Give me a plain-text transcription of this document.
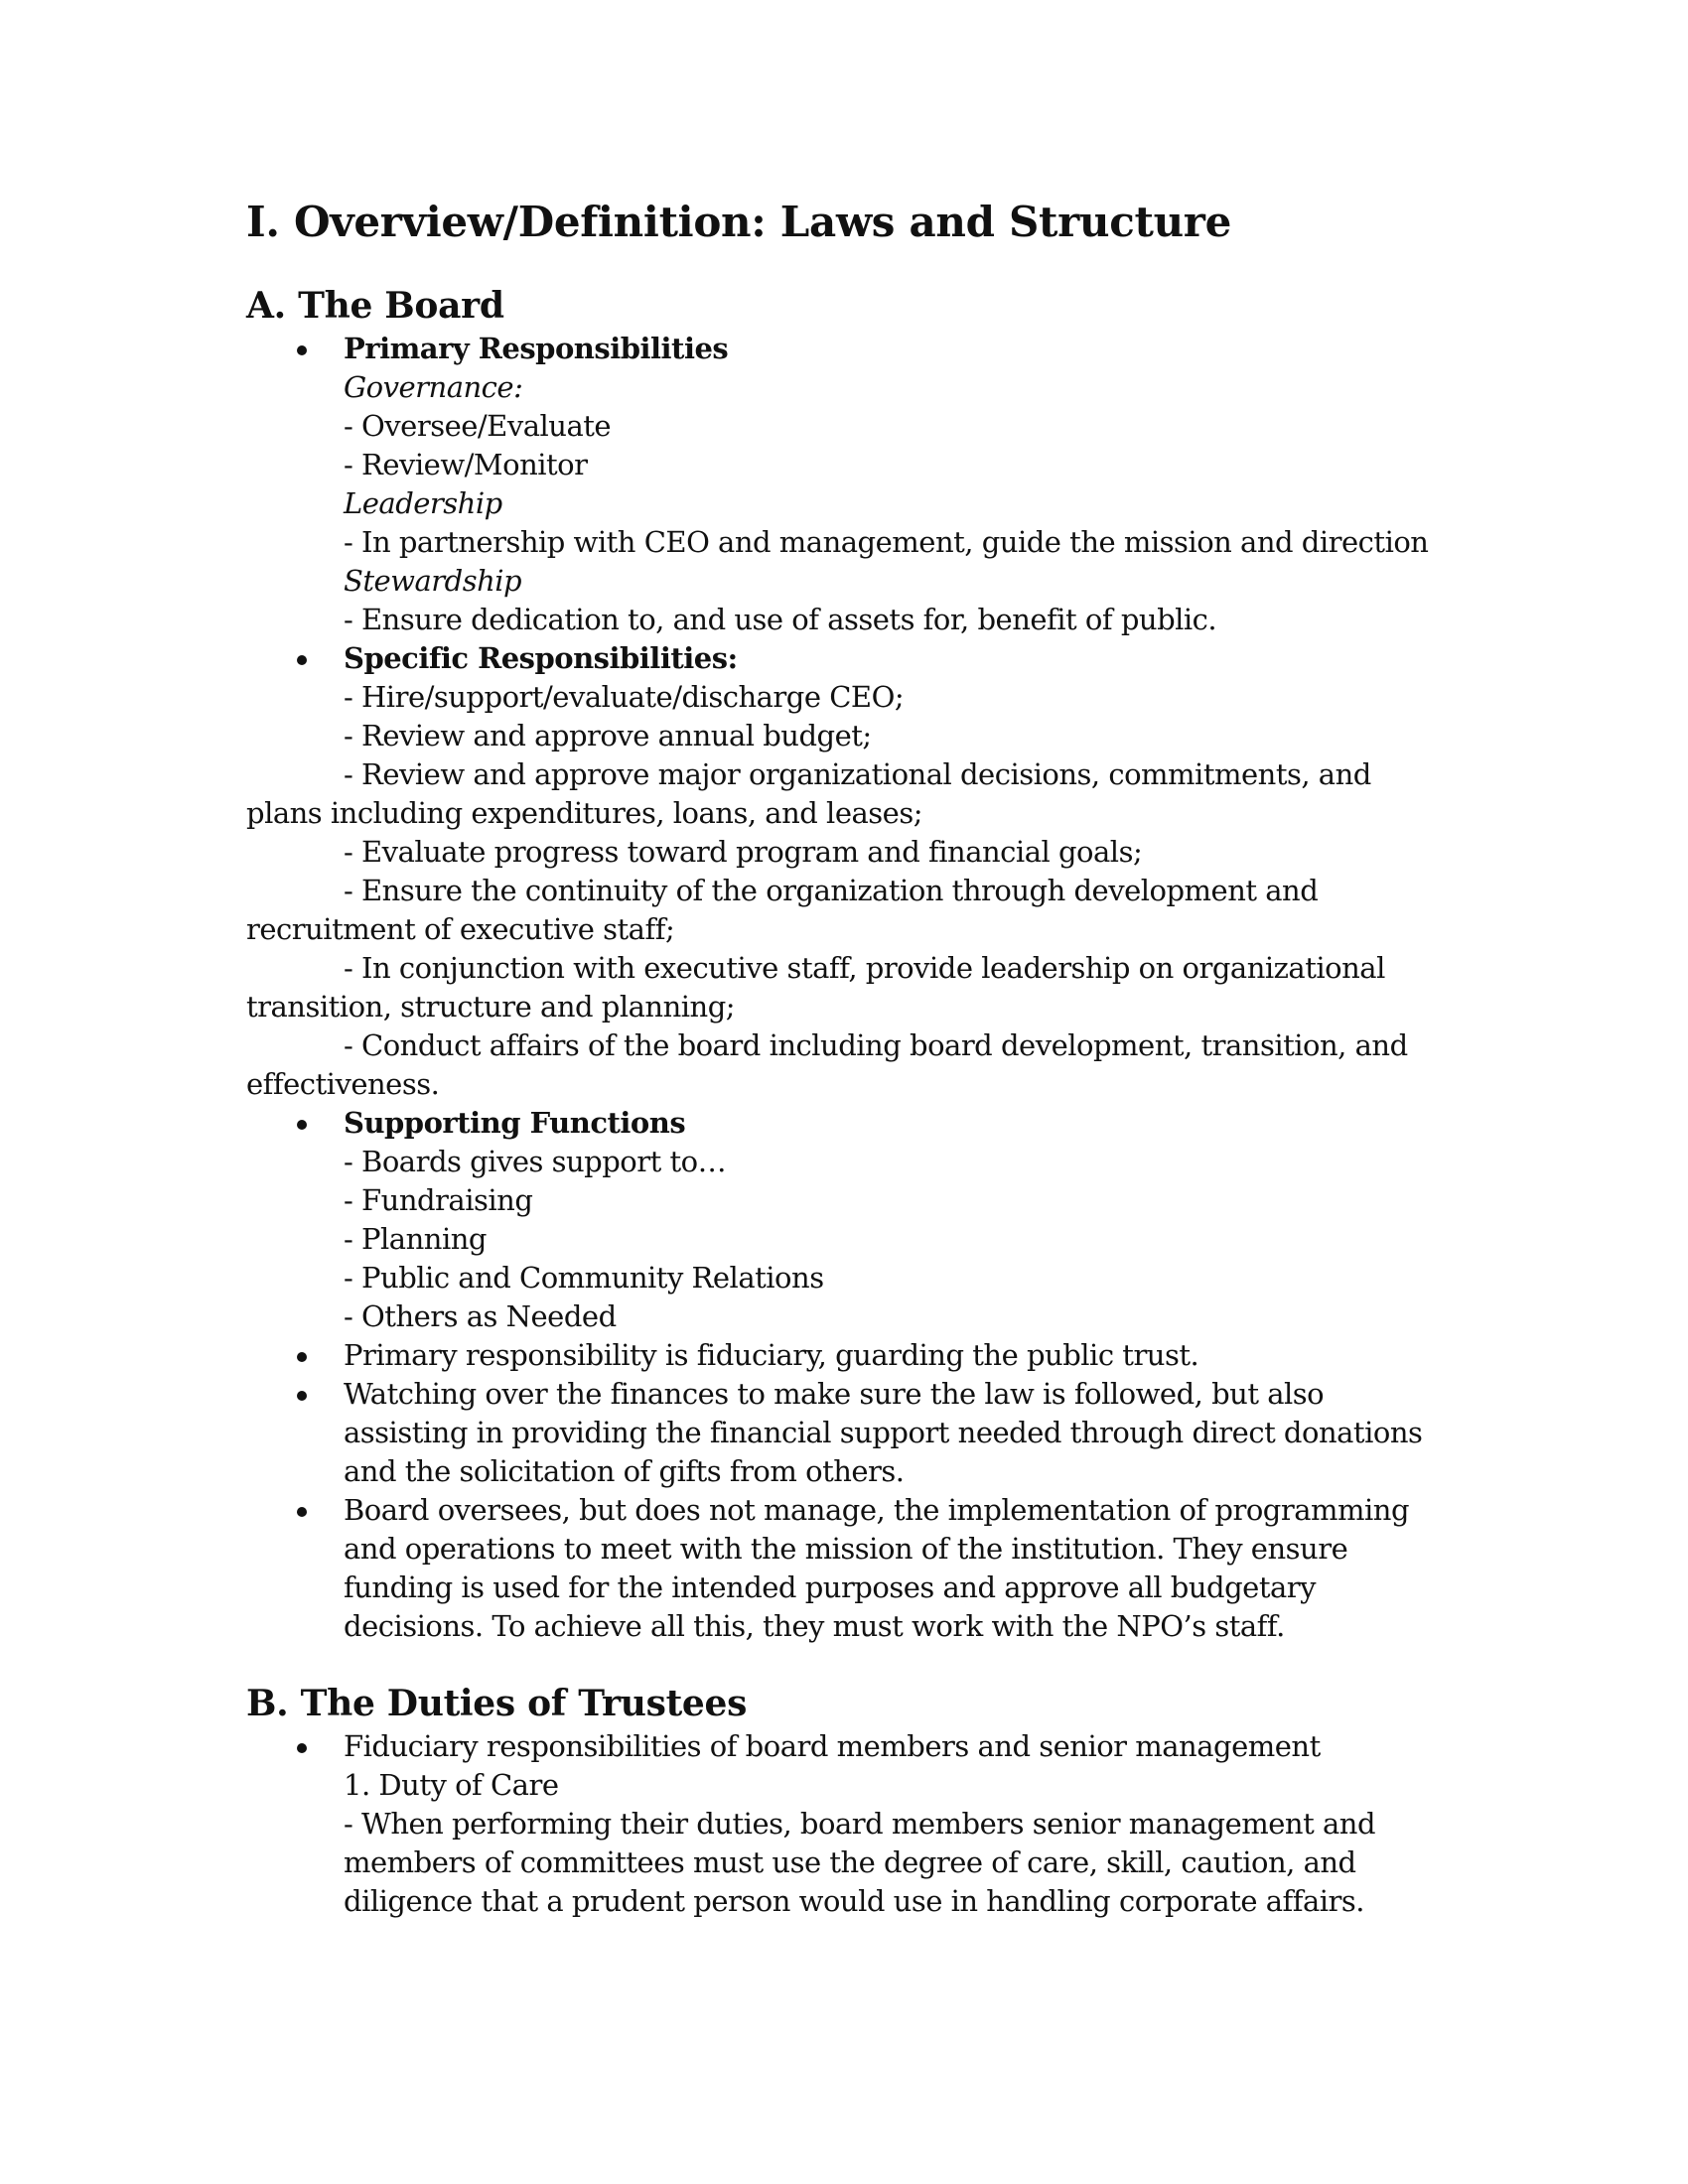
I. Overview/Definition: Laws and Structure
A. The Board
Primary Responsibilities
Governance:
- Oversee/Evaluate
- Review/Monitor
Leadership
- In partnership with CEO and management, guide the mission and direction
Stewardship
- Ensure dedication to, and use of assets for, benefit of public.
Specific Responsibilities:
- Hire/support/evaluate/discharge CEO;
- Review and approve annual budget;
- Review and approve major organizational decisions, commitments, and
plans including expenditures, loans, and leases;
- Evaluate progress toward program and financial goals;
- Ensure the continuity of the organization through development and
recruitment of executive staff;
- In conjunction with executive staff, provide leadership on organizational
transition, structure and planning;
- Conduct affairs of the board including board development, transition, and
effectiveness.
Supporting Functions
- Boards gives support to…
- Fundraising
- Planning
- Public and Community Relations
- Others as Needed
Primary responsibility is fiduciary, guarding the public trust.
Watching over the finances to make sure the law is followed, but also
assisting in providing the financial support needed through direct donations
and the solicitation of gifts from others.
Board oversees, but does not manage, the implementation of programming
and operations to meet with the mission of the institution. They ensure
funding is used for the intended purposes and approve all budgetary
decisions. To achieve all this, they must work with the NPO’s staff.
B. The Duties of Trustees
Fiduciary responsibilities of board members and senior management
1. Duty of Care
- When performing their duties, board members senior management and
members of committees must use the degree of care, skill, caution, and
diligence that a prudent person would use in handling corporate affairs.
